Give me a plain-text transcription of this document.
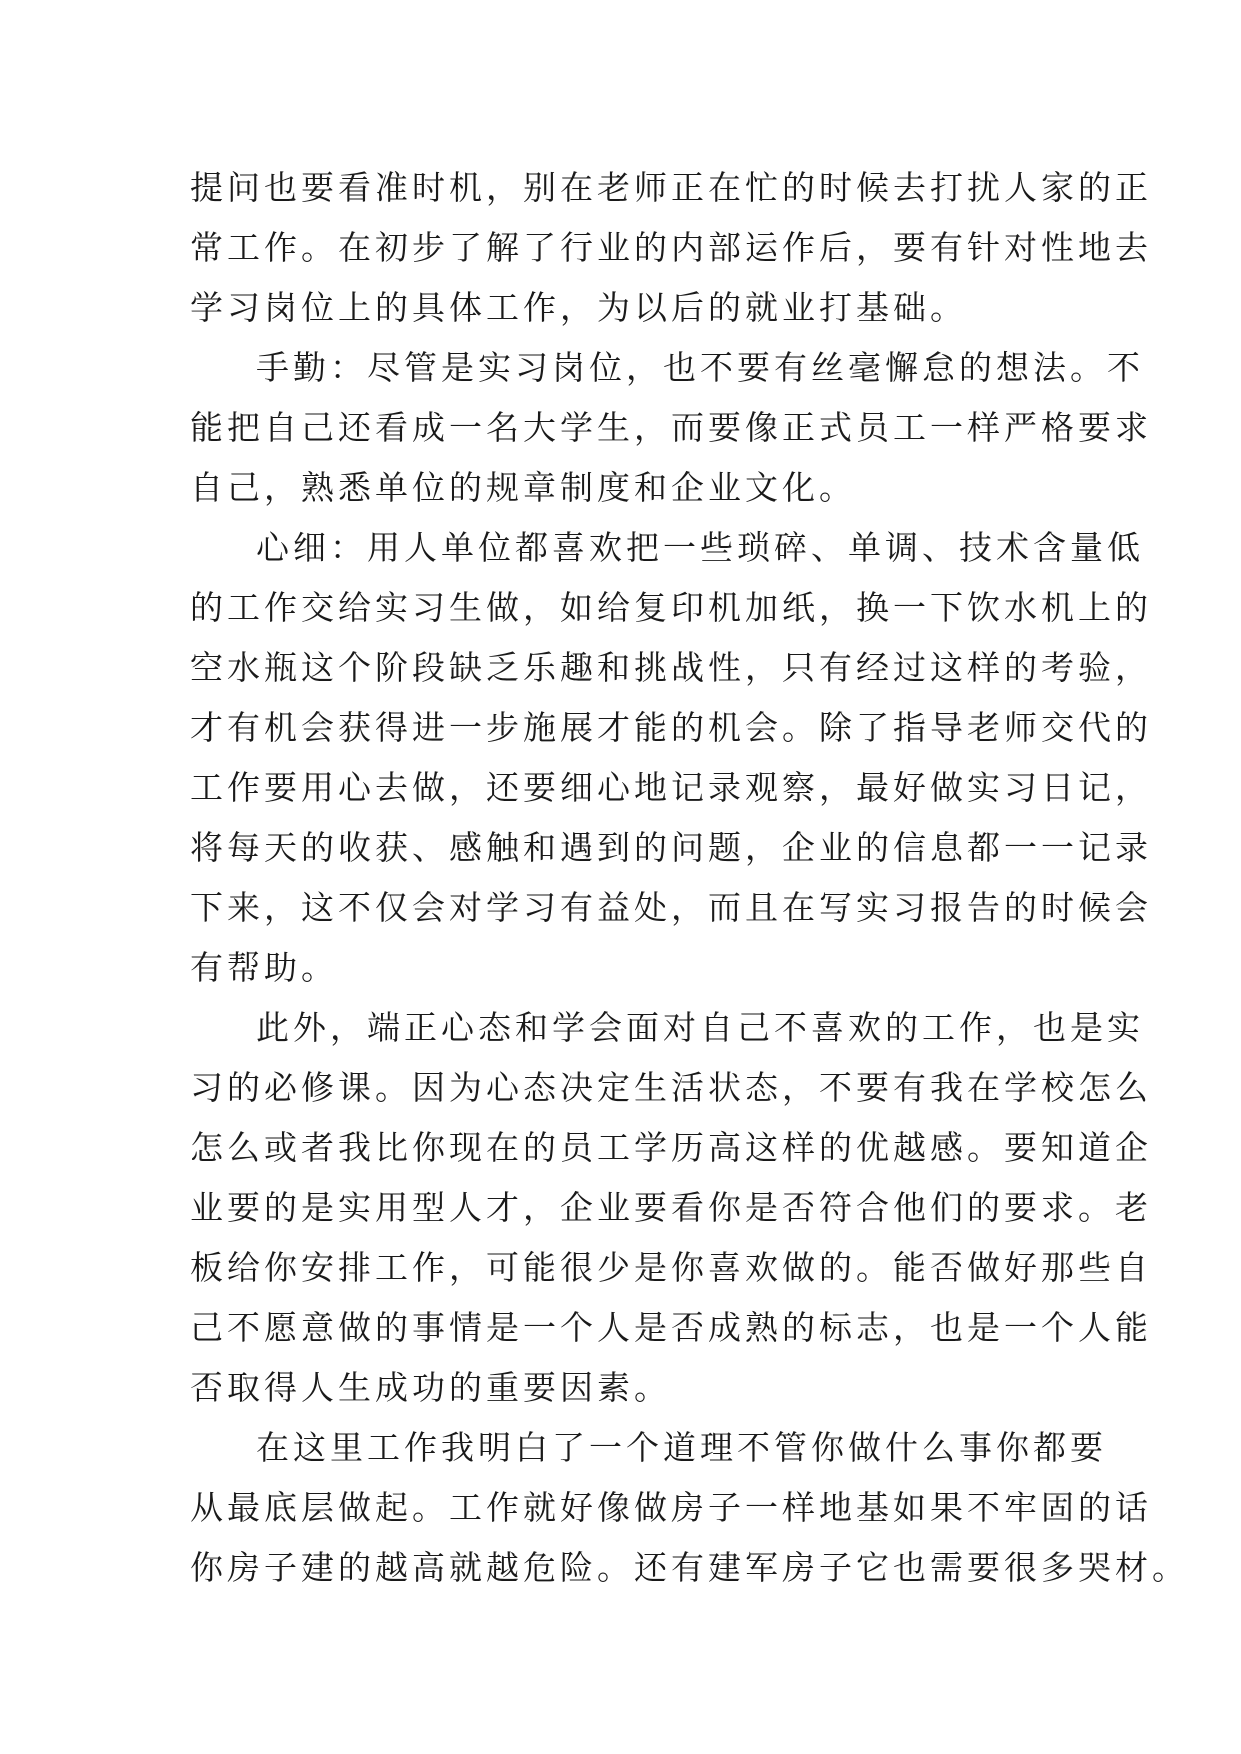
提问也要看准时机，别在老师正在忙的时候去打扰人家的正
常工作。在初步了解了行业的内部运作后，要有针对性地去
学习岗位上的具体工作，为以后的就业打基础。
手勤：尽管是实习岗位，也不要有丝毫懈怠的想法。不
能把自己还看成一名大学生，而要像正式员工一样严格要求
自己，熟悉单位的规章制度和企业文化。
心细：用人单位都喜欢把一些琐碎、单调、技术含量低
的工作交给实习生做，如给复印机加纸，换一下饮水机上的
空水瓶这个阶段缺乏乐趣和挑战性，只有经过这样的考验，
才有机会获得进一步施展才能的机会。除了指导老师交代的
工作要用心去做，还要细心地记录观察，最好做实习日记，
将每天的收获、感触和遇到的问题，企业的信息都一一记录
下来，这不仅会对学习有益处，而且在写实习报告的时候会
有帮助。
此外，端正心态和学会面对自己不喜欢的工作，也是实
习的必修课。因为心态决定生活状态，不要有我在学校怎么
怎么或者我比你现在的员工学历高这样的优越感。要知道企
业要的是实用型人才，企业要看你是否符合他们的要求。老
板给你安排工作，可能很少是你喜欢做的。能否做好那些自
己不愿意做的事情是一个人是否成熟的标志，也是一个人能
否取得人生成功的重要因素。
在这里工作我明白了一个道理不管你做什么事你都要
从最底层做起。工作就好像做房子一样地基如果不牢固的话
你房子建的越高就越危险。还有建军房子它也需要很多哭材。
